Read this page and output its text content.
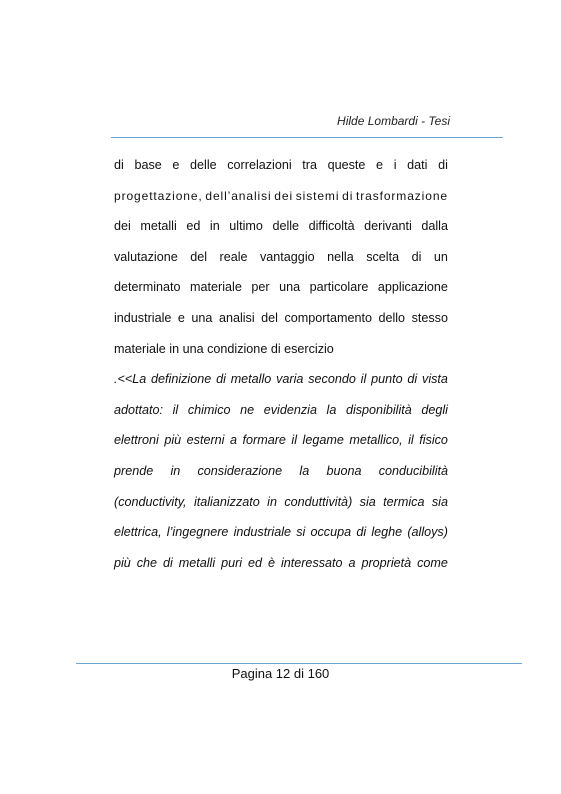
Hilde Lombardi - Tesi
di base e delle correlazioni tra queste e i dati di
progettazione, dell’analisi dei sistemi di trasformazione
dei metalli ed in ultimo delle difficoltà derivanti dalla
valutazione del reale vantaggio nella scelta di un
determinato materiale per una particolare applicazione
industriale e una analisi del comportamento dello stesso
materiale in una condizione di esercizio
.<<La definizione di metallo varia secondo il punto di vista
adottato: il chimico ne evidenzia la disponibilità degli
elettroni più esterni a formare il legame metallico, il fisico
prende in considerazione la buona conducibilità
(conductivity, italianizzato in conduttività) sia termica sia
elettrica, l’ingegnere industriale si occupa di leghe (alloys)
più che di metalli puri ed è interessato a proprietà come
Pagina 12 di 160
